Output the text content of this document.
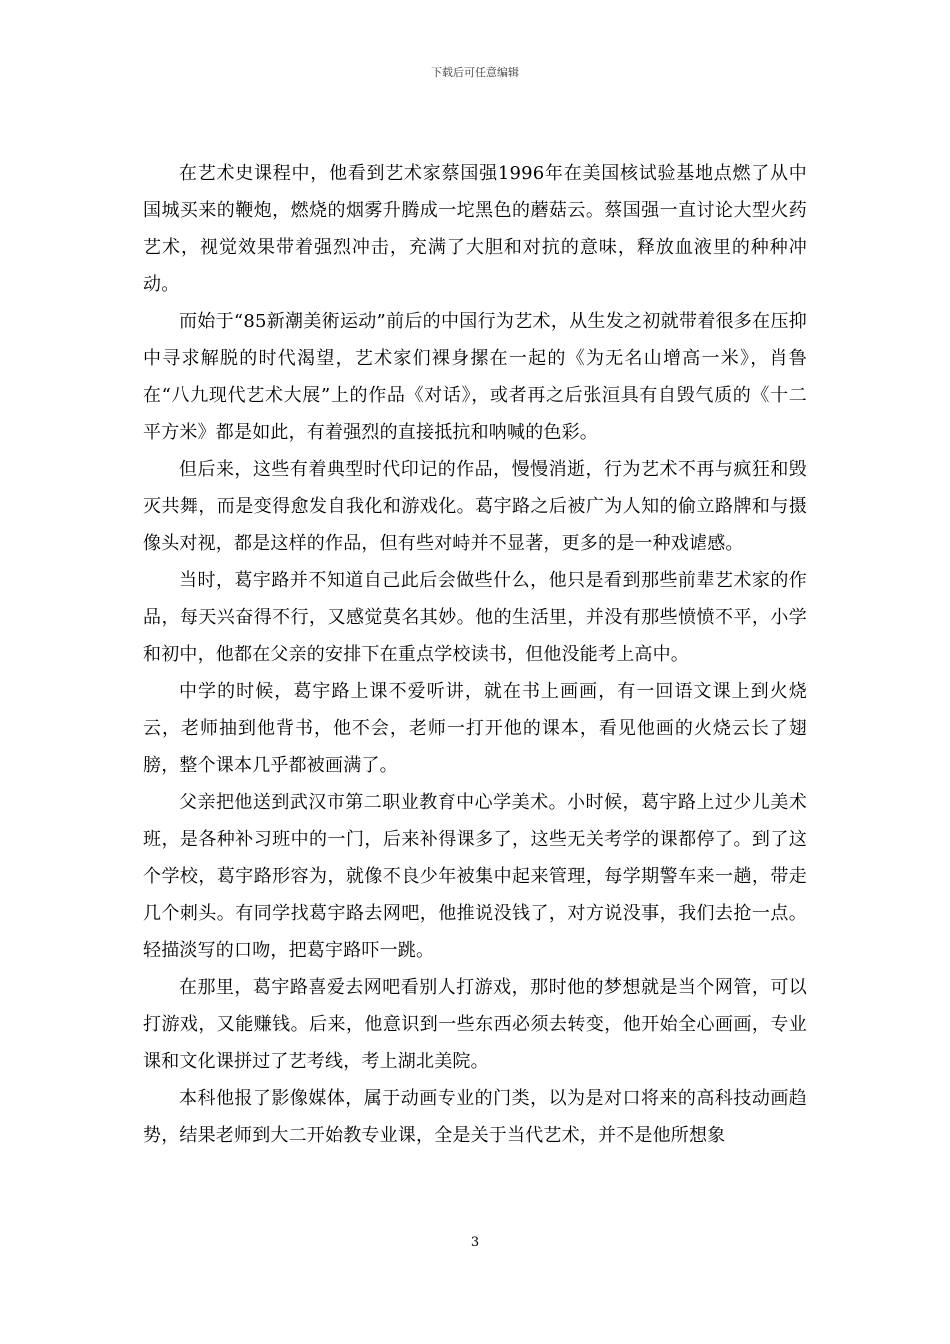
下载后可任意编辑

在艺术史课程中，他看到艺术家蔡国强1996年在美国核试验基地点燃了从中国城买来的鞭炮，燃烧的烟雾升腾成一坨黑色的蘑菇云。蔡国强一直讨论大型火药艺术，视觉效果带着强烈冲击，充满了大胆和对抗的意味，释放血液里的种种冲动。

而始于“85新潮美術运动”前后的中国行为艺术，从生发之初就带着很多在压抑中寻求解脱的时代渴望，艺术家们裸身摞在一起的《为无名山增高一米》，肖鲁在“八九现代艺术大展”上的作品《对话》，或者再之后张洹具有自毁气质的《十二平方米》都是如此，有着强烈的直接抵抗和呐喊的色彩。

但后来，这些有着典型时代印记的作品，慢慢消逝，行为艺术不再与疯狂和毁灭共舞，而是变得愈发自我化和游戏化。葛宇路之后被广为人知的偷立路牌和与摄像头对视，都是这样的作品，但有些对峙并不显著，更多的是一种戏谑感。

当时，葛宇路并不知道自己此后会做些什么，他只是看到那些前辈艺术家的作品，每天兴奋得不行，又感觉莫名其妙。他的生活里，并没有那些愤愤不平，小学和初中，他都在父亲的安排下在重点学校读书，但他没能考上高中。

中学的时候，葛宇路上课不爱听讲，就在书上画画，有一回语文课上到火烧云，老师抽到他背书，他不会，老师一打开他的课本，看见他画的火烧云长了翅膀，整个课本几乎都被画满了。

父亲把他送到武汉市第二职业教育中心学美术。小时候，葛宇路上过少儿美术班，是各种补习班中的一门，后来补得课多了，这些无关考学的课都停了。到了这个学校，葛宇路形容为，就像不良少年被集中起来管理，每学期警车来一趟，带走几个刺头。有同学找葛宇路去网吧，他推说没钱了，对方说没事，我们去抢一点。轻描淡写的口吻，把葛宇路吓一跳。

在那里，葛宇路喜爱去网吧看别人打游戏，那时他的梦想就是当个网管，可以打游戏，又能赚钱。后来，他意识到一些东西必须去转变，他开始全心画画，专业课和文化课拼过了艺考线，考上湖北美院。

本科他报了影像媒体，属于动画专业的门类，以为是对口将来的高科技动画趋势，结果老师到大二开始教专业课，全是关于当代艺术，并不是他所想象

3
